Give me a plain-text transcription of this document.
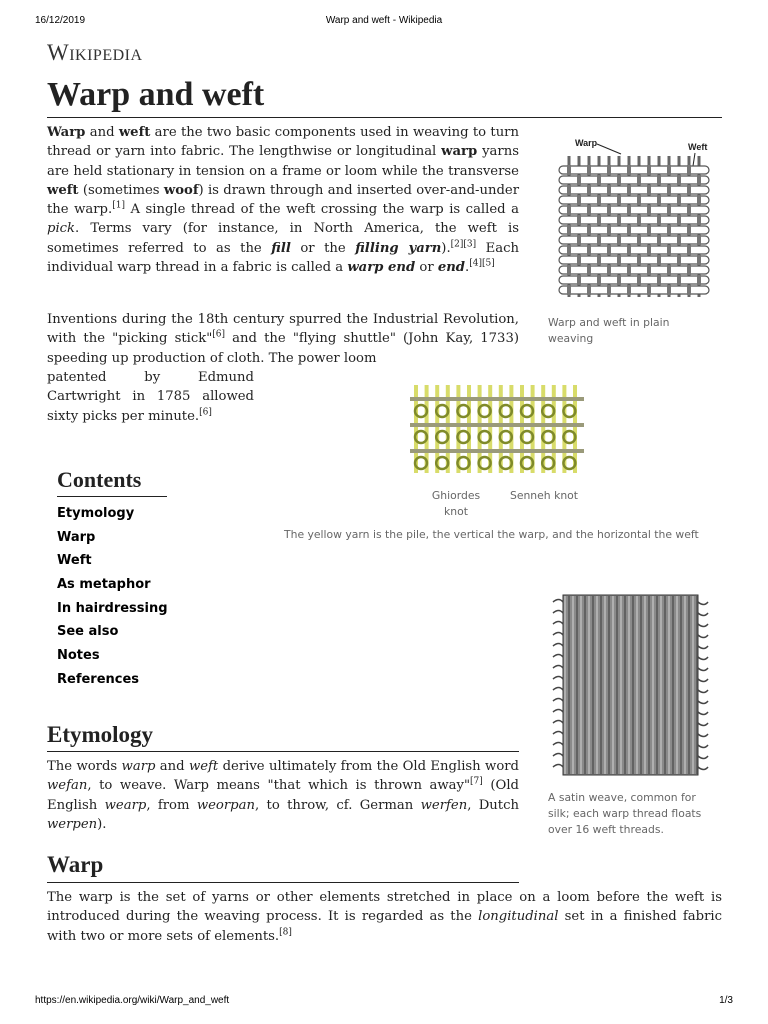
16/12/2019	Warp and weft - Wikipedia
Wikipedia
Warp and weft

Warp and weft are the two basic components used in weaving to turn thread or yarn into fabric. The lengthwise or longitudinal warp yarns are held stationary in tension on a frame or loom while the transverse weft (sometimes woof) is drawn through and inserted over-and-under the warp.[1] A single thread of the weft crossing the warp is called a pick. Terms vary (for instance, in North America, the weft is sometimes referred to as the fill or the filling yarn).[2][3] Each individual warp thread in a fabric is called a warp end or end.[4][5]

Inventions during the 18th century spurred the Industrial Revolution, with the "picking stick"[6] and the "flying shuttle" (John Kay, 1733) speeding up production of cloth. The power loom

patented by Edmund Cartwright in 1785 allowed sixty picks per minute.[6]

Warp	Weft
Warp and weft in plain weaving
Ghiordes knot
Senneh knot
The yellow yarn is the pile, the vertical the warp, and the horizontal the weft
Contents
Etymology
Warp
Weft
As metaphor
In hairdressing
See also
Notes
References
A satin weave, common for silk; each warp thread floats over 16 weft threads.
Etymology

The words warp and weft derive ultimately from the Old English word wefan, to weave. Warp means "that which is thrown away"[7] (Old English wearp, from weorpan, to throw, cf. German werfen, Dutch werpen).

Warp

The warp is the set of yarns or other elements stretched in place on a loom before the weft is introduced during the weaving process. It is regarded as the longitudinal set in a finished fabric with two or more sets of elements.[8]

https://en.wikipedia.org/wiki/Warp_and_weft	1/3
